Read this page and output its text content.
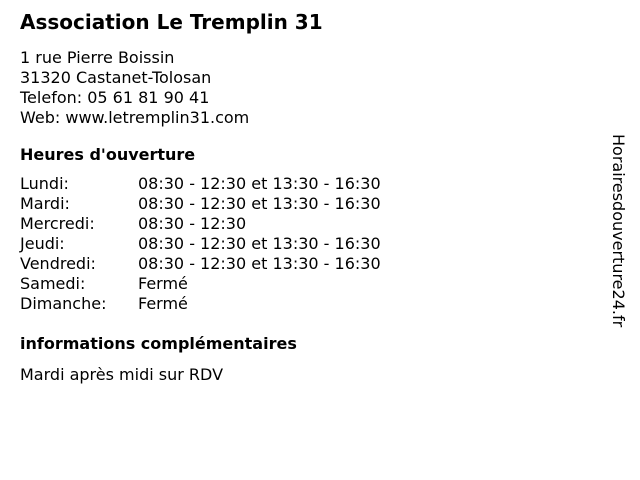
Association Le Tremplin 31
1 rue Pierre Boissin
31320 Castanet-Tolosan
Telefon: 05 61 81 90 41
Web: www.letremplin31.com
Heures d'ouverture
Lundi:	08:30 - 12:30 et 13:30 - 16:30
Mardi:	08:30 - 12:30 et 13:30 - 16:30
Mercredi:	08:30 - 12:30
Jeudi:	08:30 - 12:30 et 13:30 - 16:30
Vendredi:	08:30 - 12:30 et 13:30 - 16:30
Samedi:	Fermé
Dimanche:	Fermé
informations complémentaires
Mardi après midi sur RDV
Horairesdouverture24.fr
